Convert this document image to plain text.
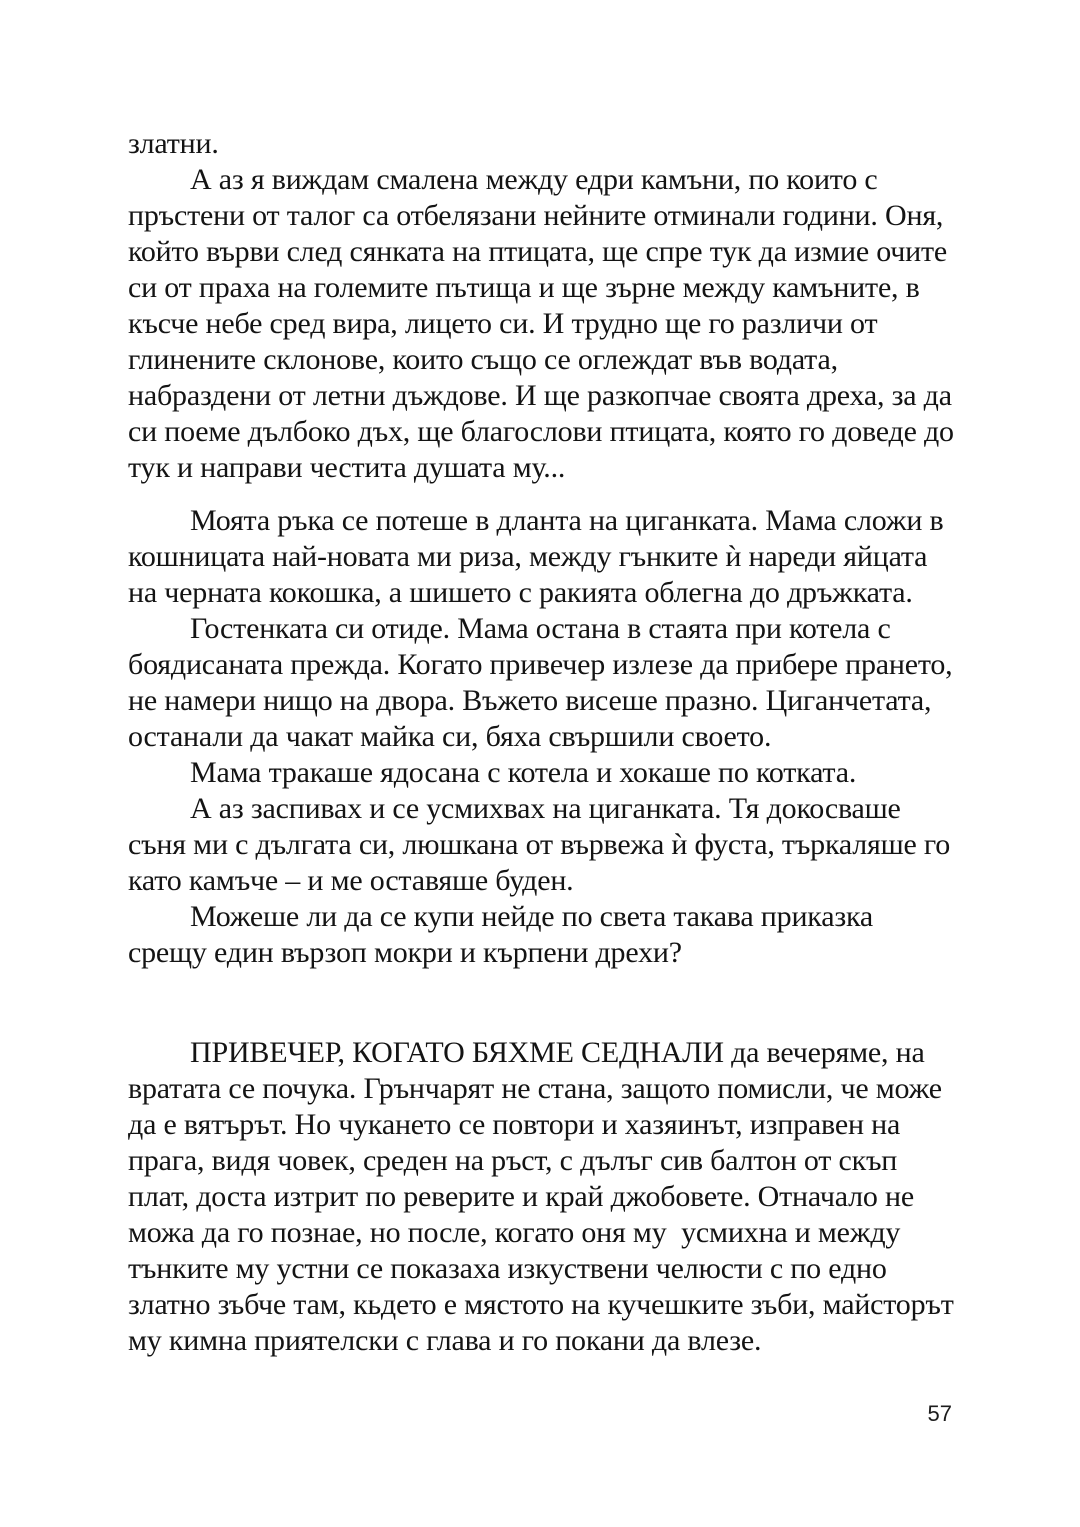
златни.
А аз я виждам смалена между едри камъни, по които с
пръстени от талог са отбелязани нейните отминали години. Оня,
който върви след сянката на птицата, ще спре тук да измие очите
си от праха на големите пътища и ще зърне между камъните, в
късче небе сред вира, лицето си. И трудно ще го различи от
глинените склонове, които също се оглеждат във водата,
набраздени от летни дъждове. И ще разкопчае своята дреха, за да
си поеме дълбоко дъх, ще благослови птицата, която го доведе до
тук и направи честита душата му...
Моята ръка се потеше в дланта на циганката. Мама сложи в
кошницата най-новата ми риза, между гънките ѝ нареди яйцата
на черната кокошка, а шишето с ракията облегна до дръжката.
Гостенката си отиде. Мама остана в стаята при котела с
боядисаната прежда. Когато привечер излезе да прибере прането,
не намери нищо на двора. Въжето висеше празно. Циганчетата,
останали да чакат майка си, бяха свършили своето.
Мама тракаше ядосана с котела и хокаше по котката.
А аз заспивах и се усмихвах на циганката. Тя докосваше
съня ми с дългата си, люшкана от вървежа ѝ фуста, търкаляше го
като камъче – и ме оставяше буден.
Можеше ли да се купи нейде по света такава приказка
срещу един вързоп мокри и кърпени дрехи?
ПРИВЕЧЕР, КОГАТО БЯХМЕ СЕДНАЛИ да вечеряме, на
вратата се почука. Грънчарят не стана, защото помисли, че може
да е вятърът. Но чукането се повтори и хазяинът, изправен на
прага, видя човек, среден на ръст, с дълъг сив балтон от скъп
плат, доста изтрит по реверите и край джобовете. Отначало не
можа да го познае, но после, когато оня му  усмихна и между
тънките му устни се показаха изкуствени челюсти с по едно
златно зъбче там, кьдето е мястото на кучешките зъби, майсторът
му кимна приятелски с глава и го покани да влезе.
57
